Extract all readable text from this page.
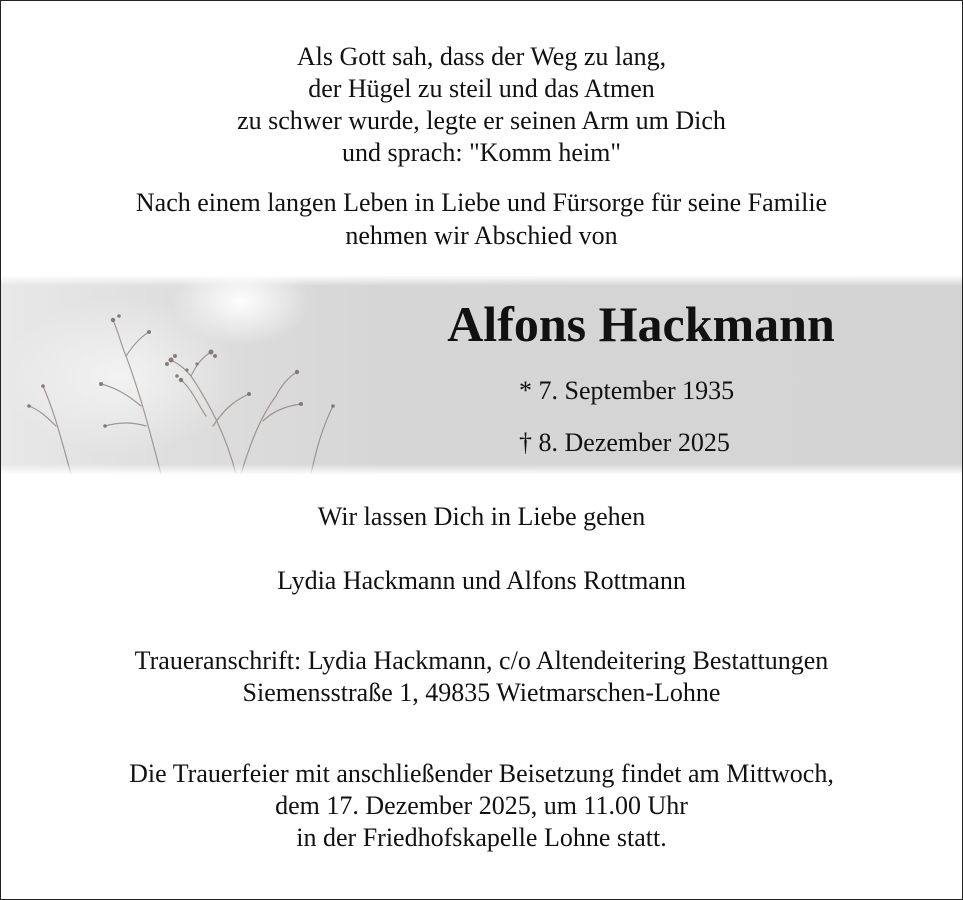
Als Gott sah, dass der Weg zu lang,
der Hügel zu steil und das Atmen
zu schwer wurde, legte er seinen Arm um Dich
und sprach: "Komm heim"
Nach einem langen Leben in Liebe und Fürsorge für seine Familie
nehmen wir Abschied von
Alfons Hackmann
* 7. September 1935
† 8. Dezember 2025
Wir lassen Dich in Liebe gehen
Lydia Hackmann und Alfons Rottmann
Traueranschrift: Lydia Hackmann, c/o Altendeitering Bestattungen
Siemensstraße 1, 49835 Wietmarschen-Lohne
Die Trauerfeier mit anschließender Beisetzung findet am Mittwoch,
dem 17. Dezember 2025, um 11.00 Uhr
in der Friedhofskapelle Lohne statt.
